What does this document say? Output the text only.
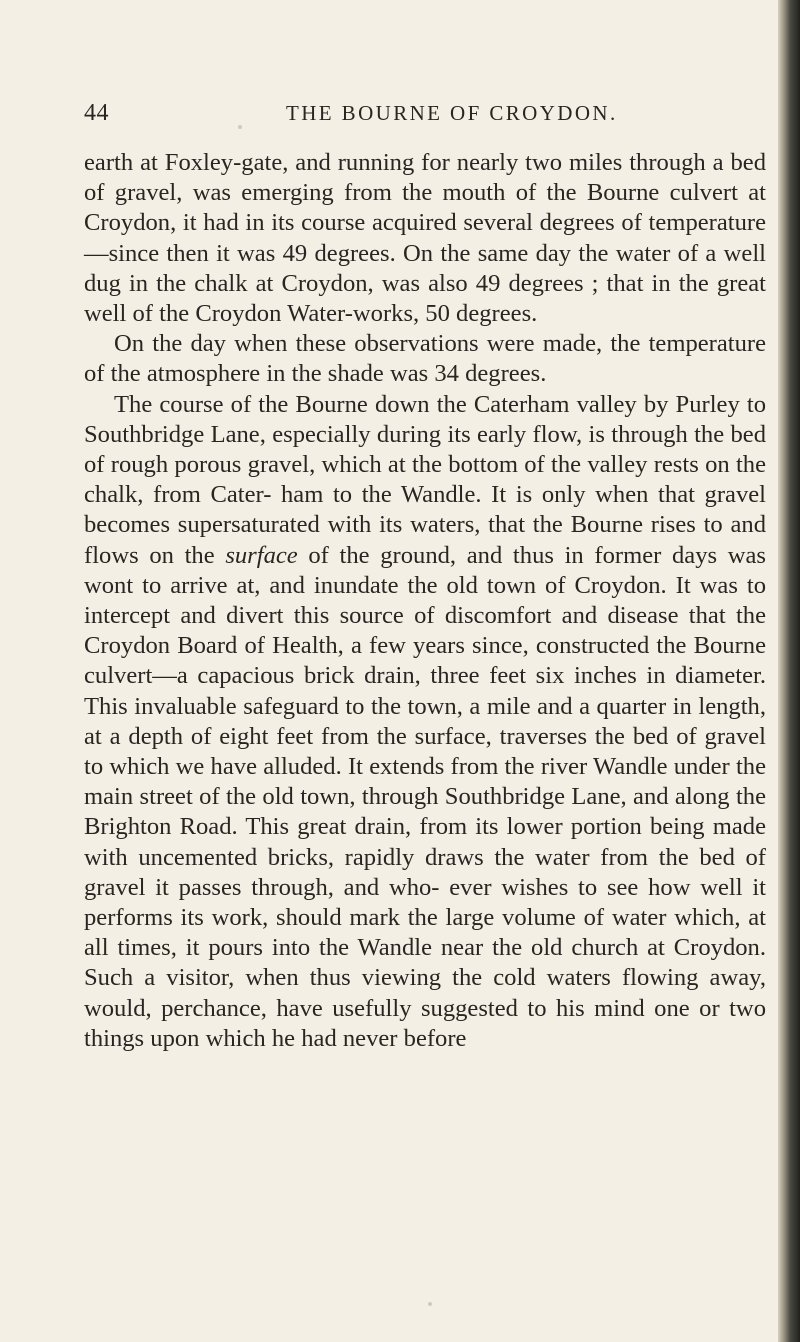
44	THE BOURNE OF CROYDON.

earth at Foxley-gate, and running for nearly two miles through a bed of gravel, was emerging from the mouth of the Bourne culvert at Croydon, it had in its course acquired several degrees of temperature—since then it was 49 degrees. On the same day the water of a well dug in the chalk at Croydon, was also 49 degrees ; that in the great well of the Croydon Water-works, 50 degrees.

On the day when these observations were made, the temperature of the atmosphere in the shade was 34 degrees.

The course of the Bourne down the Caterham valley by Purley to Southbridge Lane, especially during its early flow, is through the bed of rough porous gravel, which at the bottom of the valley rests on the chalk, from Cater- ham to the Wandle. It is only when that gravel becomes supersaturated with its waters, that the Bourne rises to and flows on the surface of the ground, and thus in former days was wont to arrive at, and inundate the old town of Croydon. It was to intercept and divert this source of discomfort and disease that the Croydon Board of Health, a few years since, constructed the Bourne culvert—a capacious brick drain, three feet six inches in diameter. This invaluable safeguard to the town, a mile and a quarter in length, at a depth of eight feet from the surface, traverses the bed of gravel to which we have alluded. It extends from the river Wandle under the main street of the old town, through Southbridge Lane, and along the Brighton Road. This great drain, from its lower portion being made with uncemented bricks, rapidly draws the water from the bed of gravel it passes through, and who- ever wishes to see how well it performs its work, should mark the large volume of water which, at all times, it pours into the Wandle near the old church at Croydon. Such a visitor, when thus viewing the cold waters flowing away, would, perchance, have usefully suggested to his mind one or two things upon which he had never before
